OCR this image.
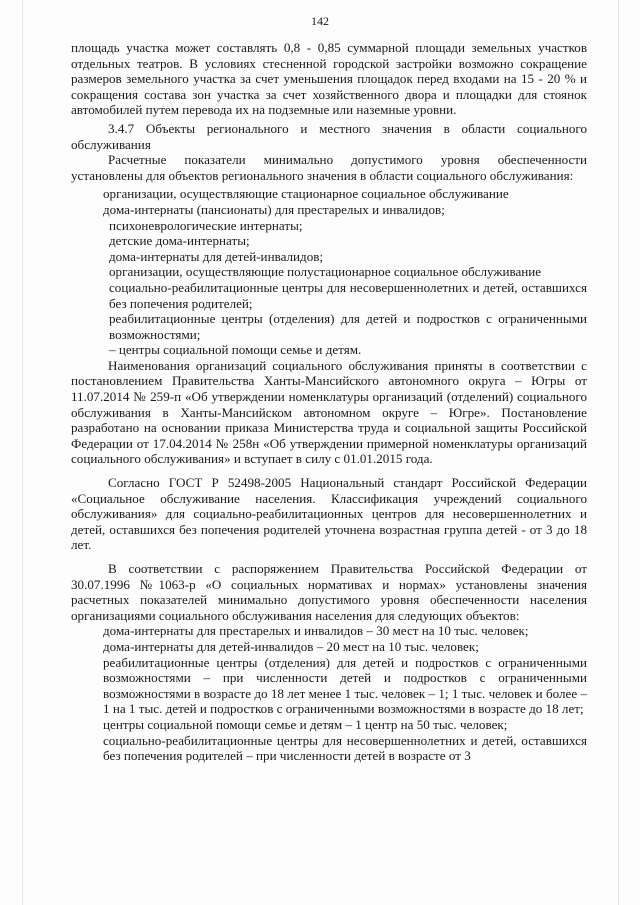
142

площадь участка может составлять 0,8 - 0,85 суммарной площади земельных участков отдельных театров. В условиях стесненной городской застройки возможно сокращение размеров земельного участка за счет уменьшения площадок перед входами на 15 - 20 % и сокращения состава зон участка за счет хозяйственного двора и площадки для стоянок автомобилей путем перевода их на подземные или наземные уровни.

3.4.7 Объекты регионального и местного значения в области социального обслуживания

Расчетные показатели минимально допустимого уровня обеспеченности установлены для объектов регионального значения в области социального обслуживания:

организации, осуществляющие стационарное социальное обслуживание

дома-интернаты (пансионаты) для престарелых и инвалидов;

психоневрологические интернаты;

детские дома-интернаты;

дома-интернаты для детей-инвалидов;

организации, осуществляющие полустационарное социальное обслуживание

социально-реабилитационные центры для несовершеннолетних и детей, оставшихся без попечения родителей;

реабилитационные центры (отделения) для детей и подростков с ограниченными возможностями;

– центры социальной помощи семье и детям.

Наименования организаций социального обслуживания приняты в соответствии с постановлением Правительства Ханты-Мансийского автономного округа – Югры от 11.07.2014 № 259-п «Об утверждении номенклатуры организаций (отделений) социального обслуживания в Ханты-Мансийском автономном округе – Югре». Постановление разработано на основании приказа Министерства труда и социальной защиты Российской Федерации от 17.04.2014 № 258н «Об утверждении примерной номенклатуры организаций социального обслуживания» и вступает в силу с 01.01.2015 года.

Согласно ГОСТ Р 52498-2005 Национальный стандарт Российской Федерации «Социальное обслуживание населения. Классификация учреждений социального обслуживания» для социально-реабилитационных центров для несовершеннолетних и детей, оставшихся без попечения родителей уточнена возрастная группа детей - от 3 до 18 лет.

В соответствии с распоряжением Правительства Российской Федерации от 30.07.1996 №1063-р «О социальных нормативах и нормах» установлены значения расчетных показателей минимально допустимого уровня обеспеченности населения организациями социального обслуживания населения для следующих объектов:

дома-интернаты для престарелых и инвалидов – 30 мест на 10 тыс. человек;

дома-интернаты для детей-инвалидов – 20 мест на 10 тыс. человек;

реабилитационные центры (отделения) для детей и подростков с ограниченными возможностями – при численности детей и подростков с ограниченными возможностями в возрасте до 18 лет менее 1 тыс. человек – 1; 1 тыс. человек и более – 1 на 1 тыс. детей и подростков с ограниченными возможностями в возрасте до 18 лет;

центры социальной помощи семье и детям – 1 центр на 50 тыс. человек;

социально-реабилитационные центры для несовершеннолетних и детей, оставшихся без попечения родителей – при численности детей в возрасте от 3
